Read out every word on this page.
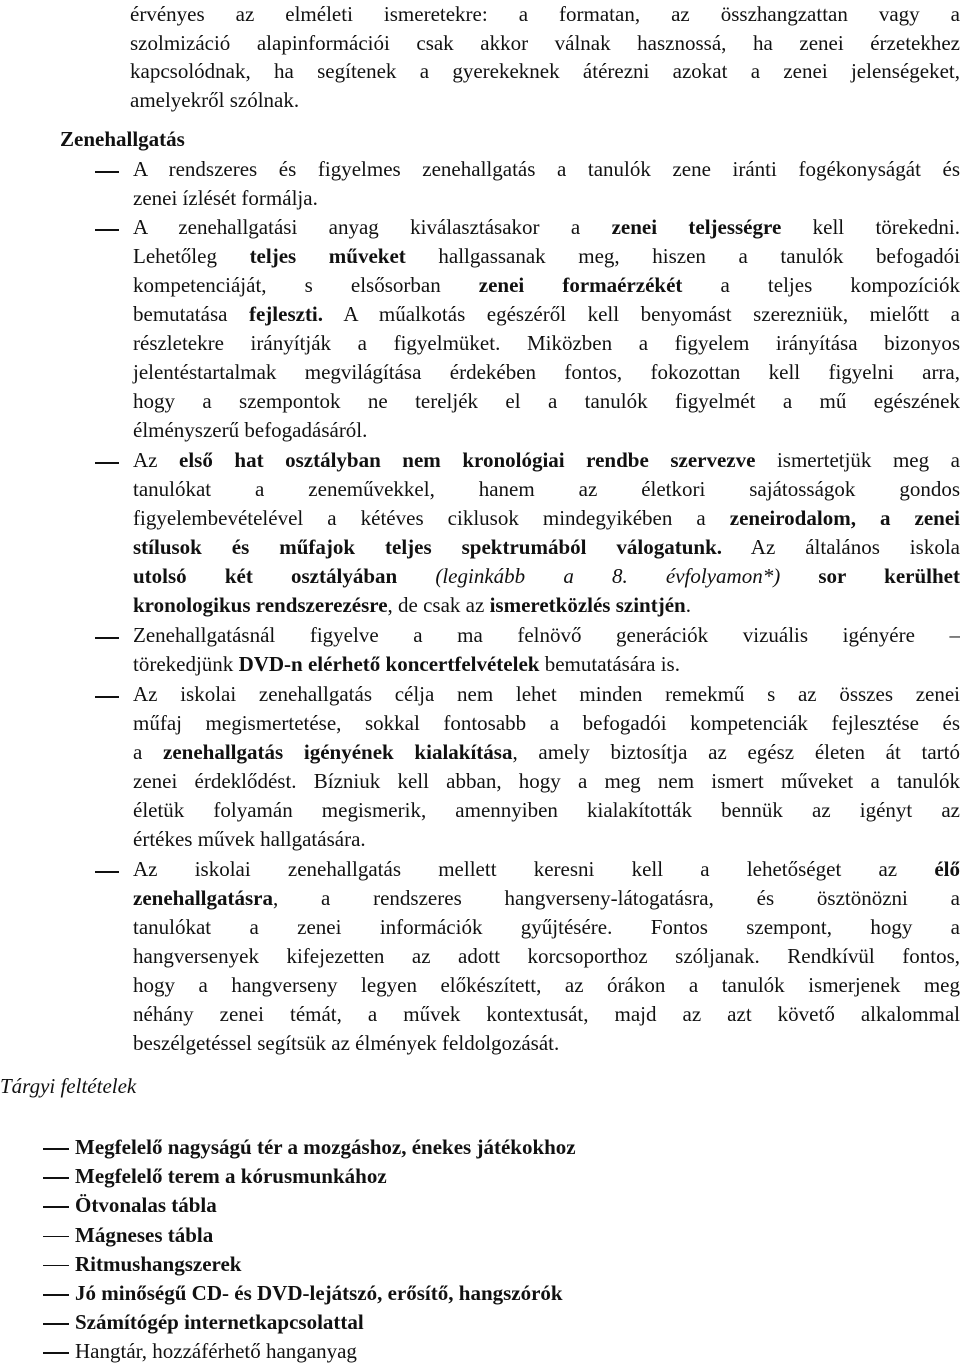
érvényes az elméleti ismeretekre: a formatan, az összhangzattan vagy a
szolmizáció alapinformációi csak akkor válnak hasznossá, ha zenei érzetekhez
kapcsolódnak, ha segítenek a gyerekeknek átérezni azokat a zenei jelenségeket,
amelyekről szólnak.
Zenehallgatás
A rendszeres és figyelmes zenehallgatás a tanulók zene iránti fogékonyságát és
zenei ízlését formálja.
A zenehallgatási anyag kiválasztásakor a zenei teljességre kell törekedni.
Lehetőleg teljes műveket hallgassanak meg, hiszen a tanulók befogadói
kompetenciáját, s elsősorban zenei formaérzékét a teljes kompozíciók
bemutatása fejleszti. A műalkotás egészéről kell benyomást szerezniük, mielőtt a
részletekre irányítják a figyelmüket. Miközben a figyelem irányítása bizonyos
jelentéstartalmak megvilágítása érdekében fontos, fokozottan kell figyelni arra,
hogy a szempontok ne tereljék el a tanulók figyelmét a mű egészének
élményszerű befogadásáról.
Az első hat osztályban nem kronológiai rendbe szervezve ismertetjük meg a
tanulókat a zeneművekkel, hanem az életkori sajátosságok gondos
figyelembevételével a kétéves ciklusok mindegyikében a zeneirodalom, a zenei
stílusok és műfajok teljes spektrumából válogatunk. Az általános iskola
utolsó két osztályában (leginkább a 8. évfolyamon*) sor kerülhet
kronologikus rendszerezésre, de csak az ismeretközlés szintjén.
Zenehallgatásnál figyelve a ma felnövő generációk vizuális igényére –
törekedjünk DVD-n elérhető koncertfelvételek bemutatására is.
Az iskolai zenehallgatás célja nem lehet minden remekmű s az összes zenei
műfaj megismertetése, sokkal fontosabb a befogadói kompetenciák fejlesztése és
a zenehallgatás igényének kialakítása, amely biztosítja az egész életen át tartó
zenei érdeklődést. Bízniuk kell abban, hogy a meg nem ismert műveket a tanulók
életük folyamán megismerik, amennyiben kialakították bennük az igényt az
értékes művek hallgatására.
Az iskolai zenehallgatás mellett keresni kell a lehetőséget az élő
zenehallgatásra, a rendszeres hangverseny-látogatásra, és ösztönözni a
tanulókat a zenei információk gyűjtésére. Fontos szempont, hogy a
hangversenyek kifejezetten az adott korcsoporthoz szóljanak. Rendkívül fontos,
hogy a hangverseny legyen előkészített, az órákon a tanulók ismerjenek meg
néhány zenei témát, a művek kontextusát, majd az azt követő alkalommal
beszélgetéssel segítsük az élmények feldolgozását.
Tárgyi feltételek
Megfelelő nagyságú tér a mozgáshoz, énekes játékokhoz
Megfelelő terem a kórusmunkához
Ötvonalas tábla
Mágneses tábla
Ritmushangszerek
Jó minőségű CD- és DVD-lejátszó, erősítő, hangszórók
Számítógép internetkapcsolattal
Hangtár, hozzáférhető hanganyag
